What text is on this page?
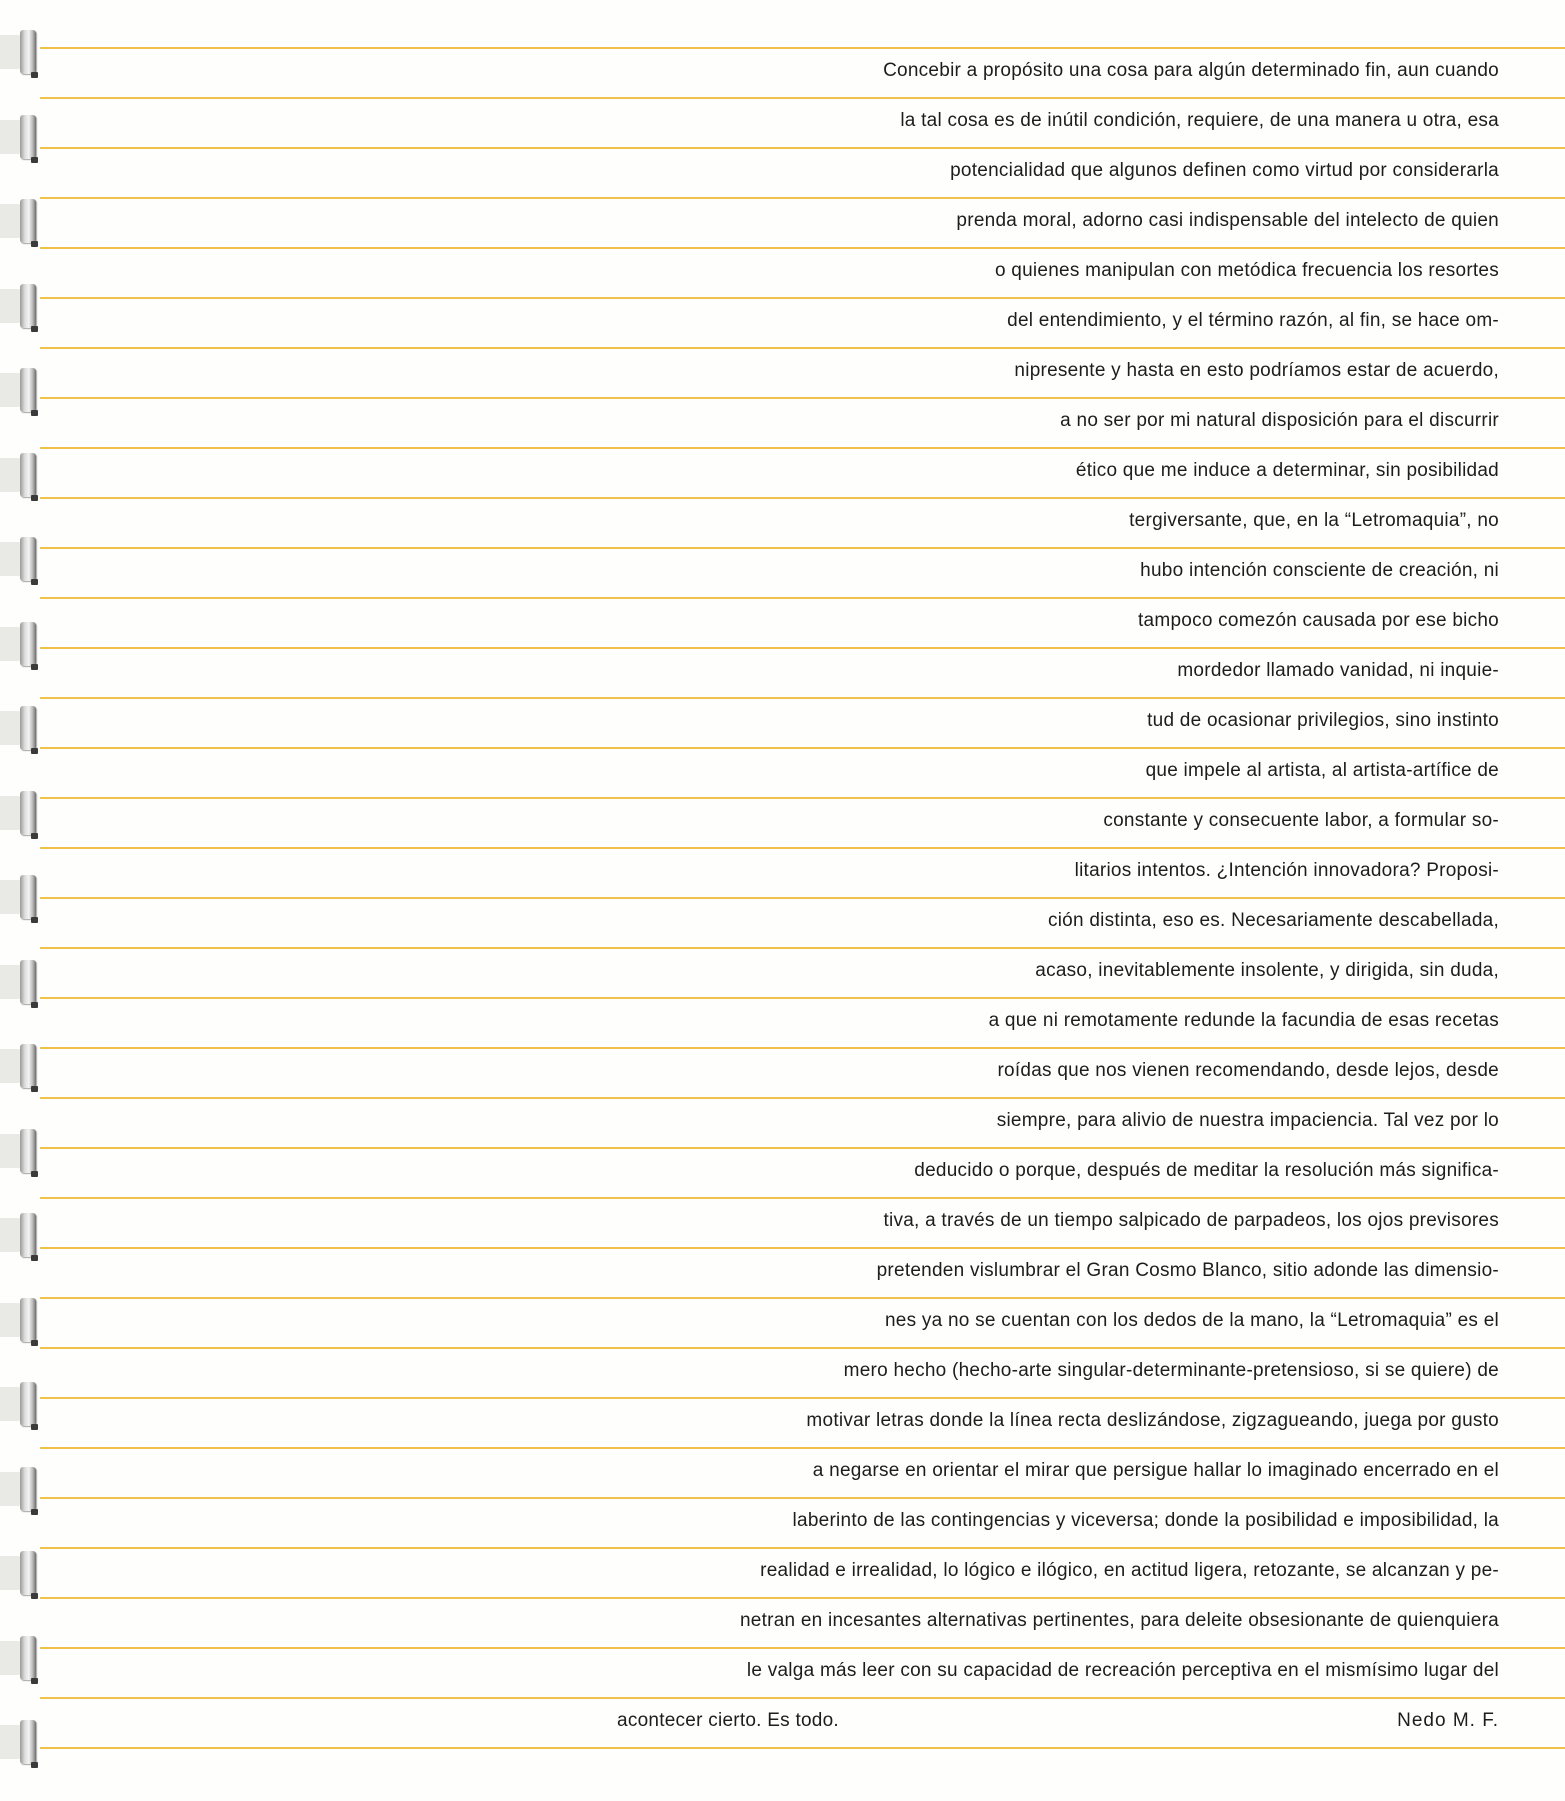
Concebir a propósito una cosa para algún determinado fin, aun cuando
la tal cosa es de inútil condición, requiere, de una manera u otra, esa
potencialidad que algunos definen como virtud por considerarla
prenda moral, adorno casi indispensable del intelecto de quien
o quienes manipulan con metódica frecuencia los resortes
del entendimiento, y el término razón, al fin, se hace om-
nipresente y hasta en esto podríamos estar de acuerdo,
a no ser por mi natural disposición para el discurrir
ético que me induce a determinar, sin posibilidad
tergiversante, que, en la “Letromaquia”, no
hubo intención consciente de creación, ni
tampoco comezón causada por ese bicho
mordedor llamado vanidad, ni inquie-
tud de ocasionar privilegios, sino instinto
que impele al artista, al artista-artífice de
constante y consecuente labor, a formular so-
litarios intentos. ¿Intención innovadora? Proposi-
ción distinta, eso es. Necesariamente descabellada,
acaso, inevitablemente insolente, y dirigida, sin duda,
a que ni remotamente redunde la facundia de esas recetas
roídas que nos vienen recomendando, desde lejos, desde
siempre, para alivio de nuestra impaciencia. Tal vez por lo
deducido o porque, después de meditar la resolución más significa-
tiva, a través de un tiempo salpicado de parpadeos, los ojos previsores
pretenden vislumbrar el Gran Cosmo Blanco, sitio adonde las dimensio-
nes ya no se cuentan con los dedos de la mano, la “Letromaquia” es el
mero hecho (hecho-arte singular-determinante-pretensioso, si se quiere) de
motivar letras donde la línea recta deslizándose, zigzagueando, juega por gusto
a negarse en orientar el mirar que persigue hallar lo imaginado encerrado en el
laberinto de las contingencias y viceversa; donde la posibilidad e imposibilidad, la
realidad e irrealidad, lo lógico e ilógico, en actitud ligera, retozante, se alcanzan y pe-
netran en incesantes alternativas pertinentes, para deleite obsesionante de quienquiera
le valga más leer con su capacidad de recreación perceptiva en el mismísimo lugar del
acontecer cierto. Es todo.	Nedo M. F.
